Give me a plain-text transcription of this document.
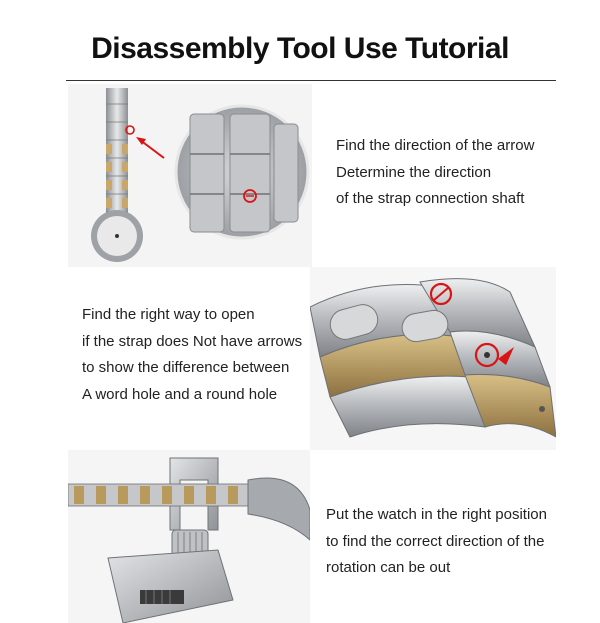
Disassembly Tool Use Tutorial
Find the direction of the arrow
Determine the direction
of the strap connection shaft
Find the right way to open
if the strap does Not have arrows
to show the difference between
A word hole and a round hole
Put the watch in the right position
to find the correct direction of the
rotation can be out
